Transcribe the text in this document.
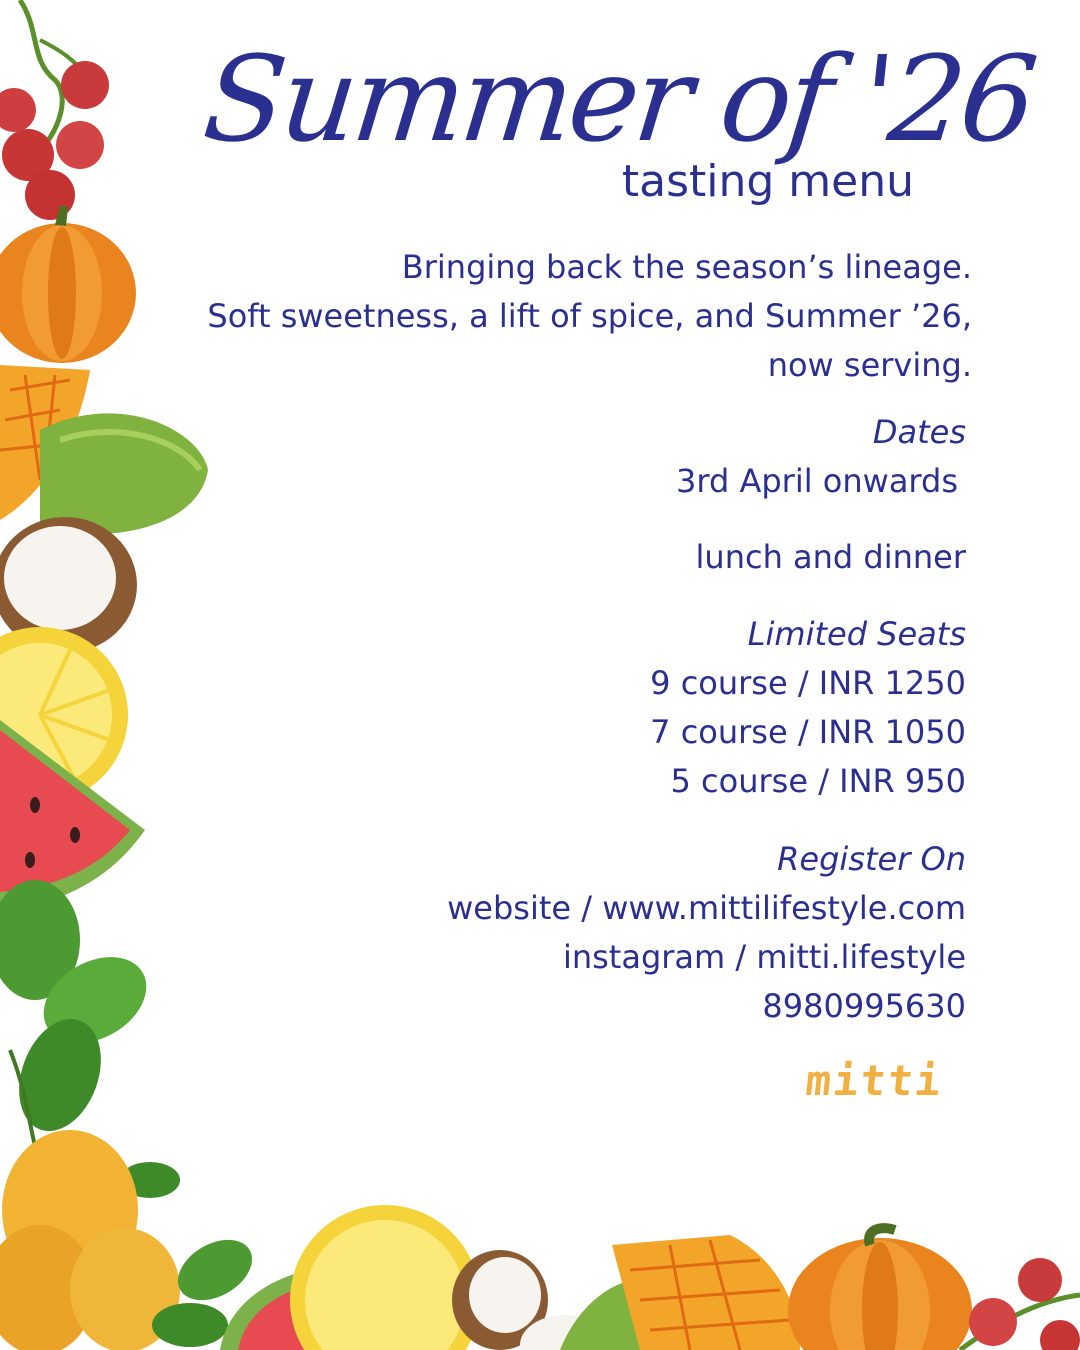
Summer of '26
tasting menu
Bringing back the season’s lineage.
Soft sweetness, a lift of spice, and Summer ’26,
now serving.
Dates
3rd April onwards
lunch and dinner
Limited Seats
9 course / INR 1250
7 course / INR 1050
5 course / INR 950
Register On
website / www.mittilifestyle.com
instagram / mitti.lifestyle
8980995630
mitti
